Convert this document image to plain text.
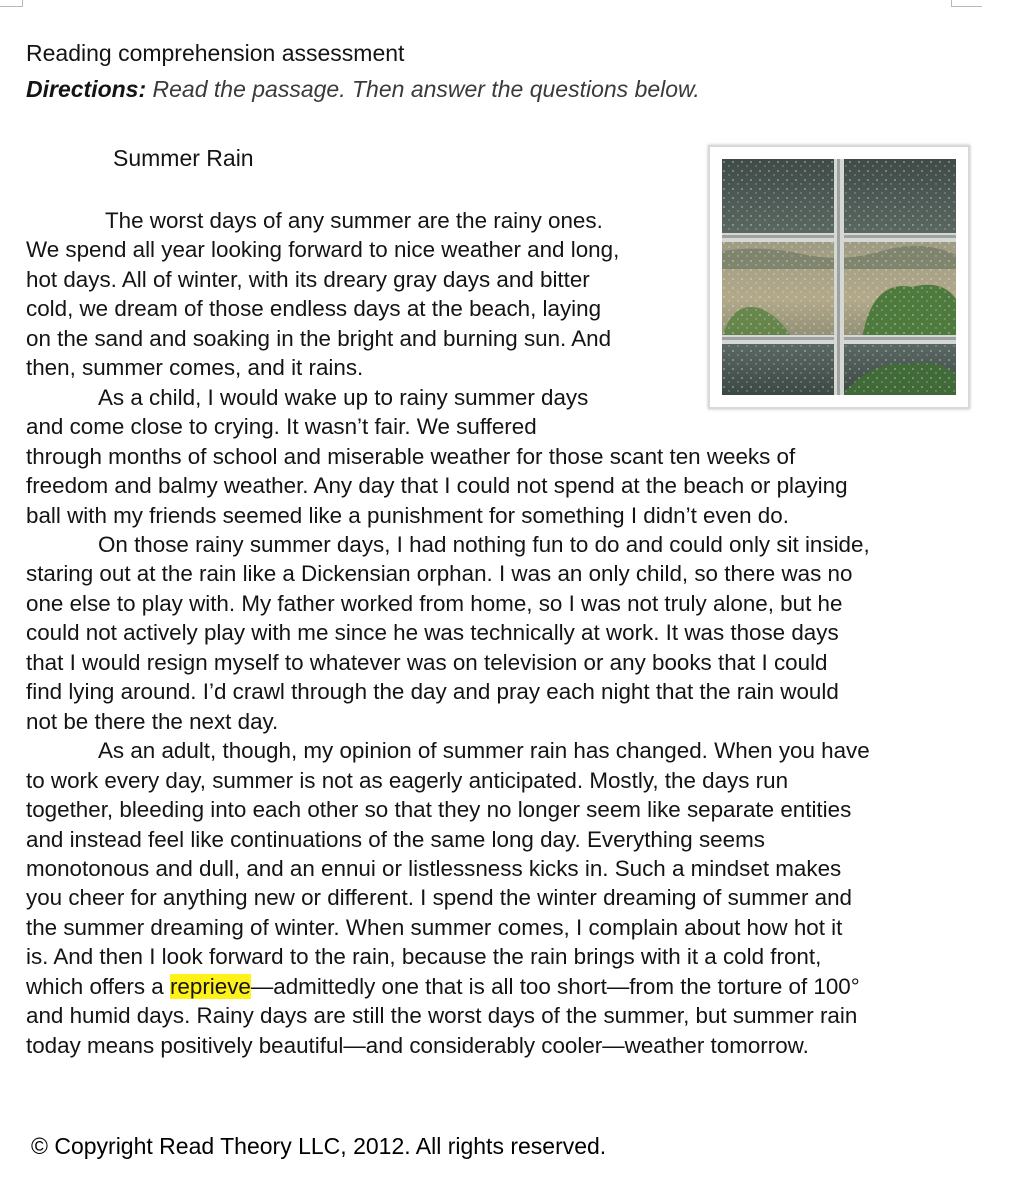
Reading comprehension assessment

Directions: Read the passage. Then answer the questions below.

Summer Rain
The worst days of any summer are the rainy ones.
We spend all year looking forward to nice weather and long,
hot days. All of winter, with its dreary gray days and bitter
cold, we dream of those endless days at the beach, laying
on the sand and soaking in the bright and burning sun. And
then, summer comes, and it rains.
As a child, I would wake up to rainy summer days
and come close to crying. It wasn’t fair. We suffered
through months of school and miserable weather for those scant ten weeks of
freedom and balmy weather. Any day that I could not spend at the beach or playing
ball with my friends seemed like a punishment for something I didn’t even do.
On those rainy summer days, I had nothing fun to do and could only sit inside,
staring out at the rain like a Dickensian orphan. I was an only child, so there was no
one else to play with. My father worked from home, so I was not truly alone, but he
could not actively play with me since he was technically at work. It was those days
that I would resign myself to whatever was on television or any books that I could
find lying around. I’d crawl through the day and pray each night that the rain would
not be there the next day.
As an adult, though, my opinion of summer rain has changed. When you have
to work every day, summer is not as eagerly anticipated. Mostly, the days run
together, bleeding into each other so that they no longer seem like separate entities
and instead feel like continuations of the same long day. Everything seems
monotonous and dull, and an ennui or listlessness kicks in. Such a mindset makes
you cheer for anything new or different. I spend the winter dreaming of summer and
the summer dreaming of winter. When summer comes, I complain about how hot it
is. And then I look forward to the rain, because the rain brings with it a cold front,
which offers a reprieve—admittedly one that is all too short—from the torture of 100°
and humid days. Rainy days are still the worst days of the summer, but summer rain
today means positively beautiful—and considerably cooler—weather tomorrow.

© Copyright Read Theory LLC, 2012. All rights reserved.
